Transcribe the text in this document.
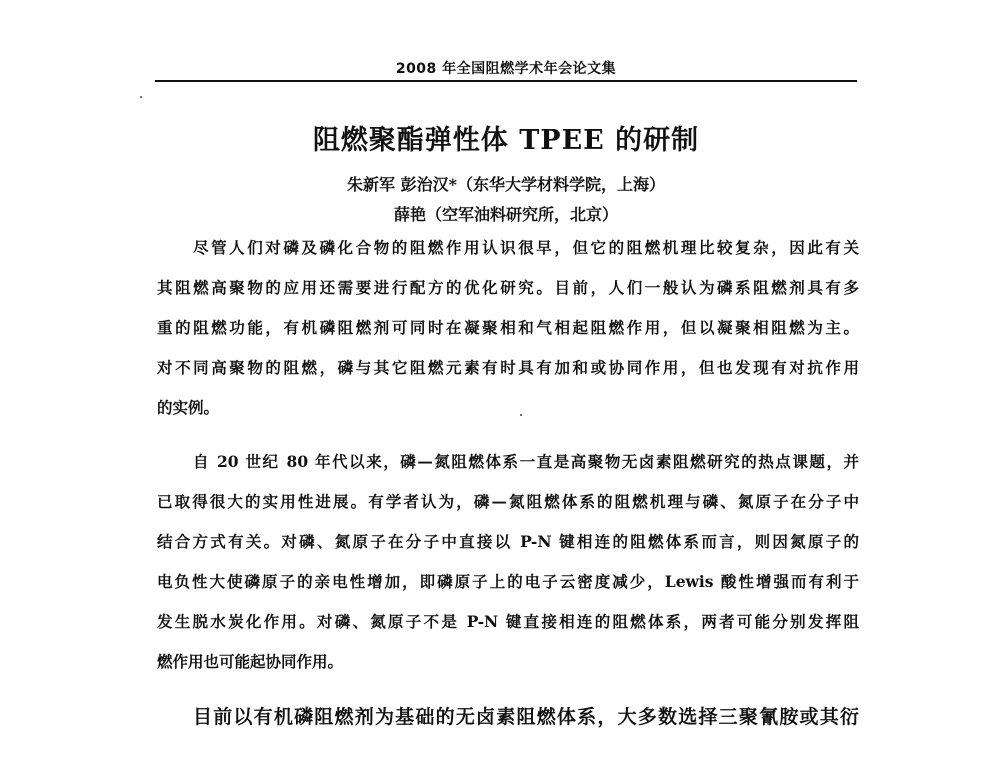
2008 年全国阻燃学术年会论文集
阻燃聚酯弹性体 TPEE 的研制
朱新军 彭治汉*（东华大学材料学院，上海）
薛艳（空军油料研究所，北京）
尽管人们对磷及磷化合物的阻燃作用认识很早，但它的阻燃机理比较复杂，因此有关
其阻燃高聚物的应用还需要进行配方的优化研究。目前，人们一般认为磷系阻燃剂具有多
重的阻燃功能，有机磷阻燃剂可同时在凝聚相和气相起阻燃作用，但以凝聚相阻燃为主。
对不同高聚物的阻燃，磷与其它阻燃元素有时具有加和或协同作用，但也发现有对抗作用
的实例。
自 20 世纪 80 年代以来，磷—氮阻燃体系一直是高聚物无卤素阻燃研究的热点课题，并
已取得很大的实用性进展。有学者认为，磷—氮阻燃体系的阻燃机理与磷、氮原子在分子中
结合方式有关。对磷、氮原子在分子中直接以 P-N 键相连的阻燃体系而言，则因氮原子的
电负性大使磷原子的亲电性增加，即磷原子上的电子云密度减少，Lewis 酸性增强而有利于
发生脱水炭化作用。对磷、氮原子不是 P-N 键直接相连的阻燃体系，两者可能分别发挥阻
燃作用也可能起协同作用。
目前以有机磷阻燃剂为基础的无卤素阻燃体系，大多数选择三聚氰胺或其衍
